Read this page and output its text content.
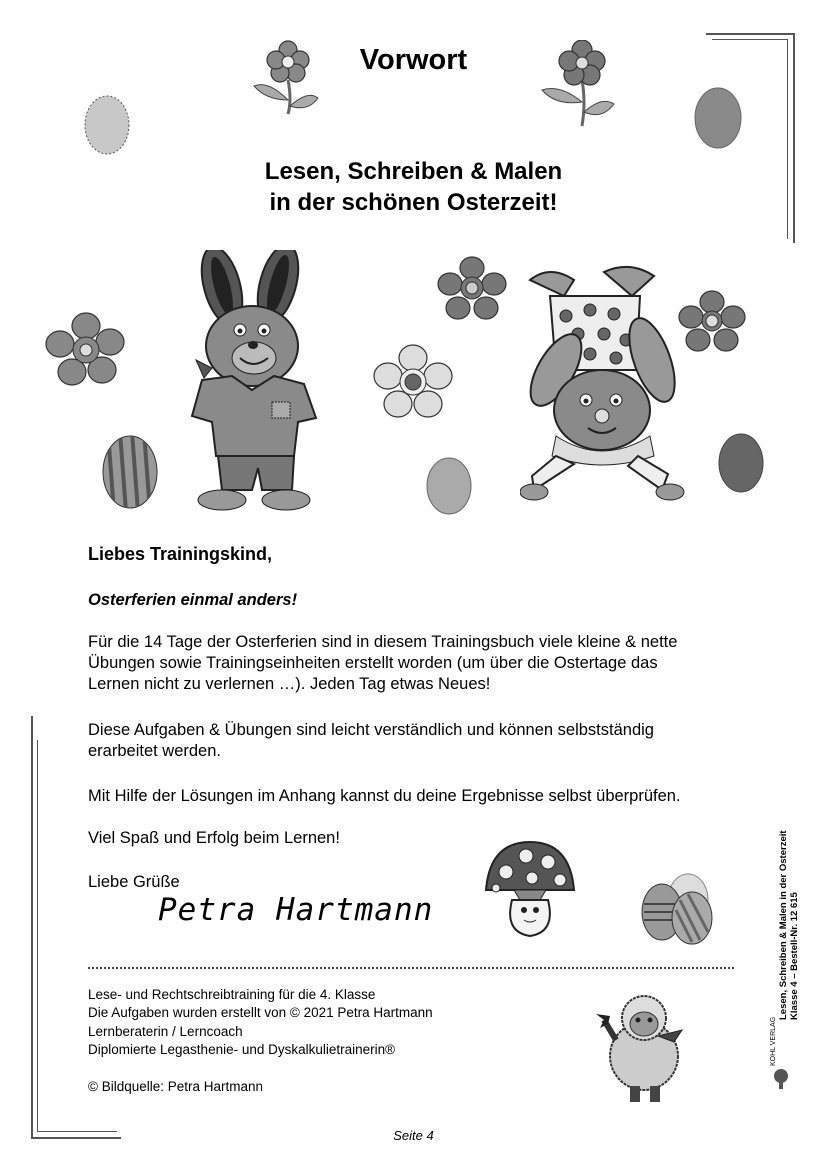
Vorwort
Lesen, Schreiben & Malen
in der schönen Osterzeit!
Liebes Trainingskind,
Osterferien einmal anders!
Für die 14 Tage der Osterferien sind in diesem Trainingsbuch viele kleine & nette
Übungen sowie Trainingseinheiten erstellt worden (um über die Ostertage das
Lernen nicht zu verlernen …). Jeden Tag etwas Neues!
Diese Aufgaben & Übungen sind leicht verständlich und können selbstständig
erarbeitet werden.
Mit Hilfe der Lösungen im Anhang kannst du deine Ergebnisse selbst überprüfen.
Viel Spaß und Erfolg beim Lernen!
Liebe Grüße
Petra Hartmann
Lese- und Rechtschreibtraining für die 4. Klasse
Die Aufgaben wurden erstellt von © 2021 Petra Hartmann
Lernberaterin / Lerncoach
Diplomierte Legasthenie- und Dyskalkulietrainerin®
© Bildquelle: Petra Hartmann
Lesen, Schreiben & Malen in der Osterzeit Klasse 4 – Bestell-Nr. 12 615
KOHL VERLAG
Seite 4
